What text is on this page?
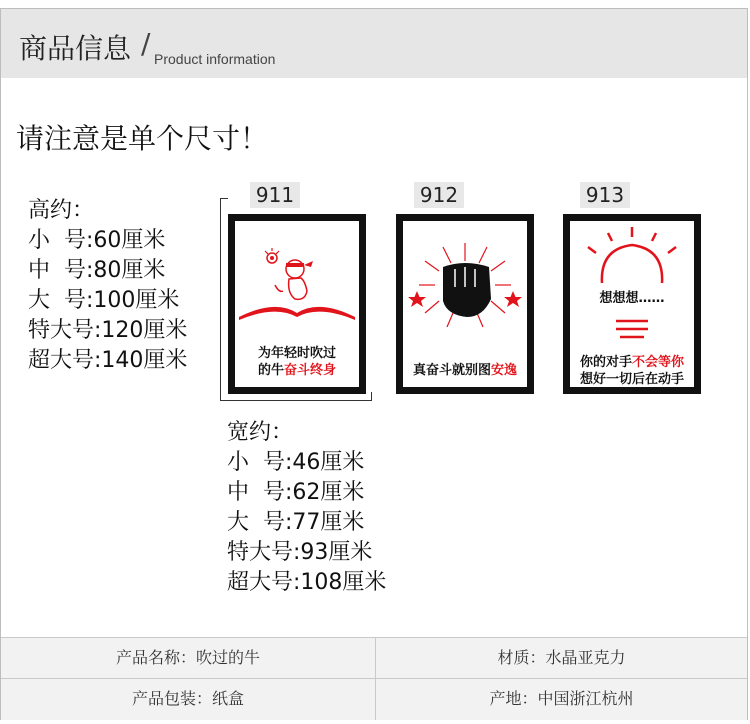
商品信息 / Product information
请注意是单个尺寸！
高约：
小  号:60厘米
中  号:80厘米
大  号:100厘米
特大号:120厘米
超大号:140厘米
宽约：
小  号:46厘米
中  号:62厘米
大  号:77厘米
特大号:93厘米
超大号:108厘米
911
为年轻时吹过
的牛奋斗终身
912
真奋斗就别图安逸
913
想想想……
你的对手不会等你
想好一切后在动手
产品名称：吹过的牛	材质：水晶亚克力
产品包装：纸盒	产地：中国浙江杭州
